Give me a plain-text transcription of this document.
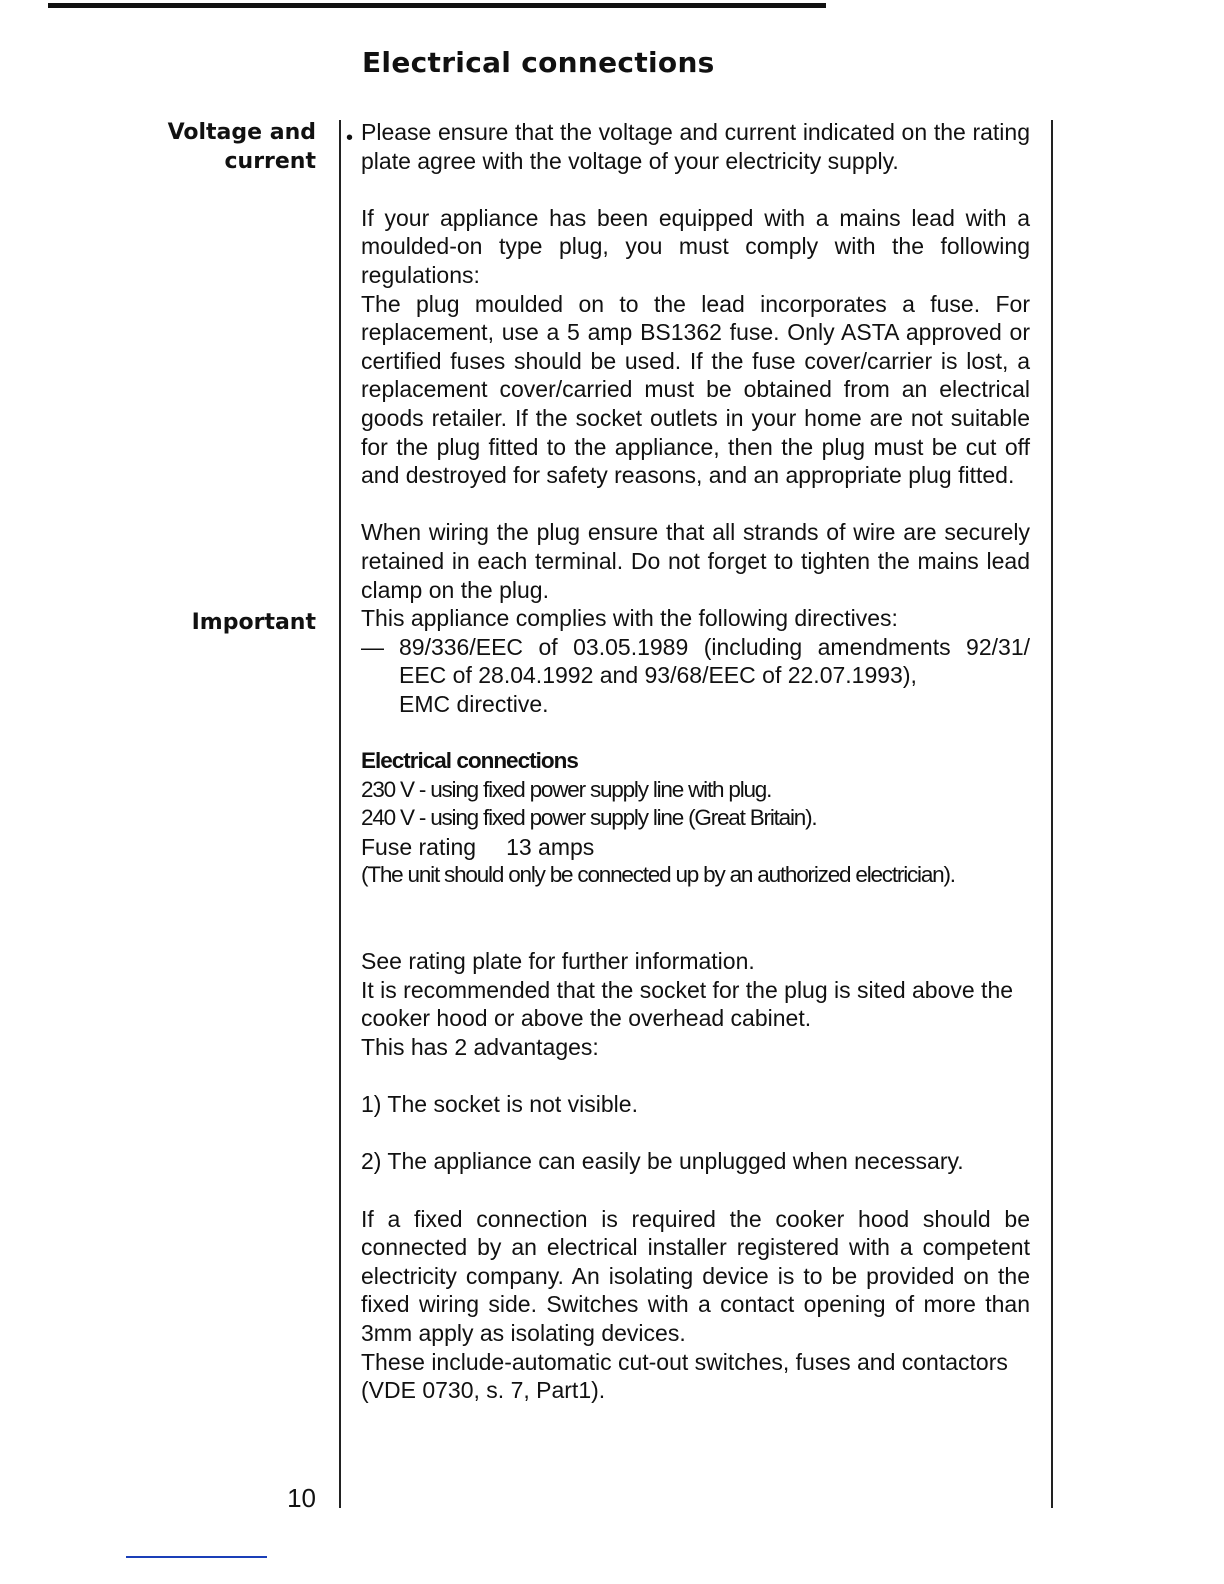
Electrical connections
Voltage and
current
Important
• Please ensure that the voltage and current indicated on the rating plate agree with the voltage of your electricity supply.

If your appliance has been equipped with a mains lead with a moulded-on type plug, you must comply with the following regulations:

The plug moulded on to the lead incorporates a fuse. For replacement, use a 5 amp BS1362 fuse. Only ASTA approved or certified fuses should be used. If the fuse cover/carrier is lost, a replacement cover/carried must be obtained from an electrical goods retailer. If the socket outlets in your home are not suitable for the plug fitted to the appliance, then the plug must be cut off and destroyed for safety reasons, and an appropriate plug fitted.

When wiring the plug ensure that all strands of wire are securely retained in each terminal. Do not forget to tighten the mains lead clamp on the plug.

This appliance complies with the following directives:

— 89/336/EEC of 03.05.1989 (including amendments 92/31/ EEC of 28.04.1992 and 93/68/EEC of 22.07.1993),

EMC directive.

Electrical connections

230 V - using fixed power supply line with plug.

240 V - using fixed power supply line (Great Britain).

Fuse rating 13 amps

(The unit should only be connected up by an authorized electrician).

See rating plate for further information.

It is recommended that the socket for the plug is sited above the cooker hood or above the overhead cabinet.

This has 2 advantages:

1) The socket is not visible.

2) The appliance can easily be unplugged when necessary.

If a fixed connection is required the cooker hood should be connected by an electrical installer registered with a competent electricity company. An isolating device is to be provided on the fixed wiring side. Switches with a contact opening of more than 3mm apply as isolating devices.

These include-automatic cut-out switches, fuses and contactors (VDE 0730, s. 7, Part1).

10
